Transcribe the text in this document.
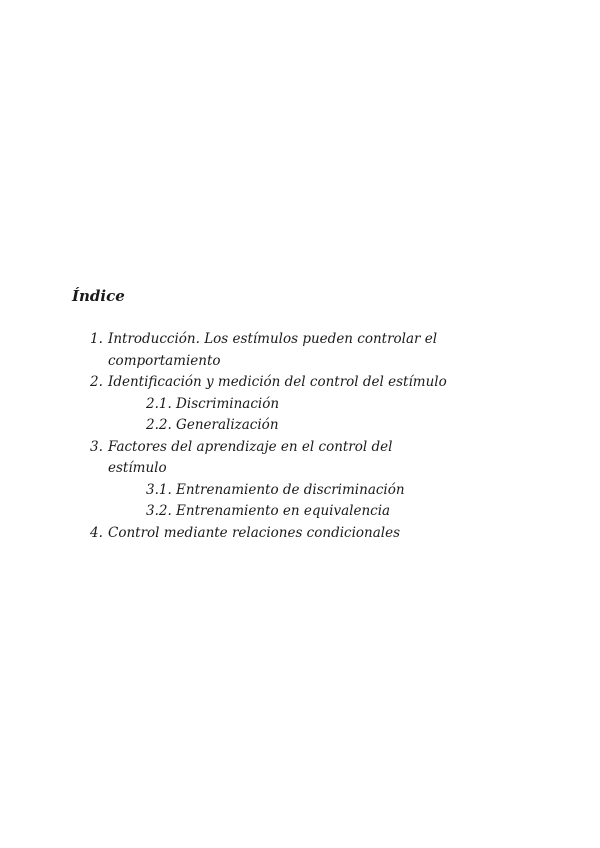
Índice
1. Introducción. Los estímulos pueden controlar el comportamiento
2. Identificación y medición del control del estímulo
2.1. Discriminación
2.2. Generalización
3. Factores del aprendizaje en el control del estímulo
3.1. Entrenamiento de discriminación
3.2. Entrenamiento en equivalencia
4. Control mediante relaciones condicionales
